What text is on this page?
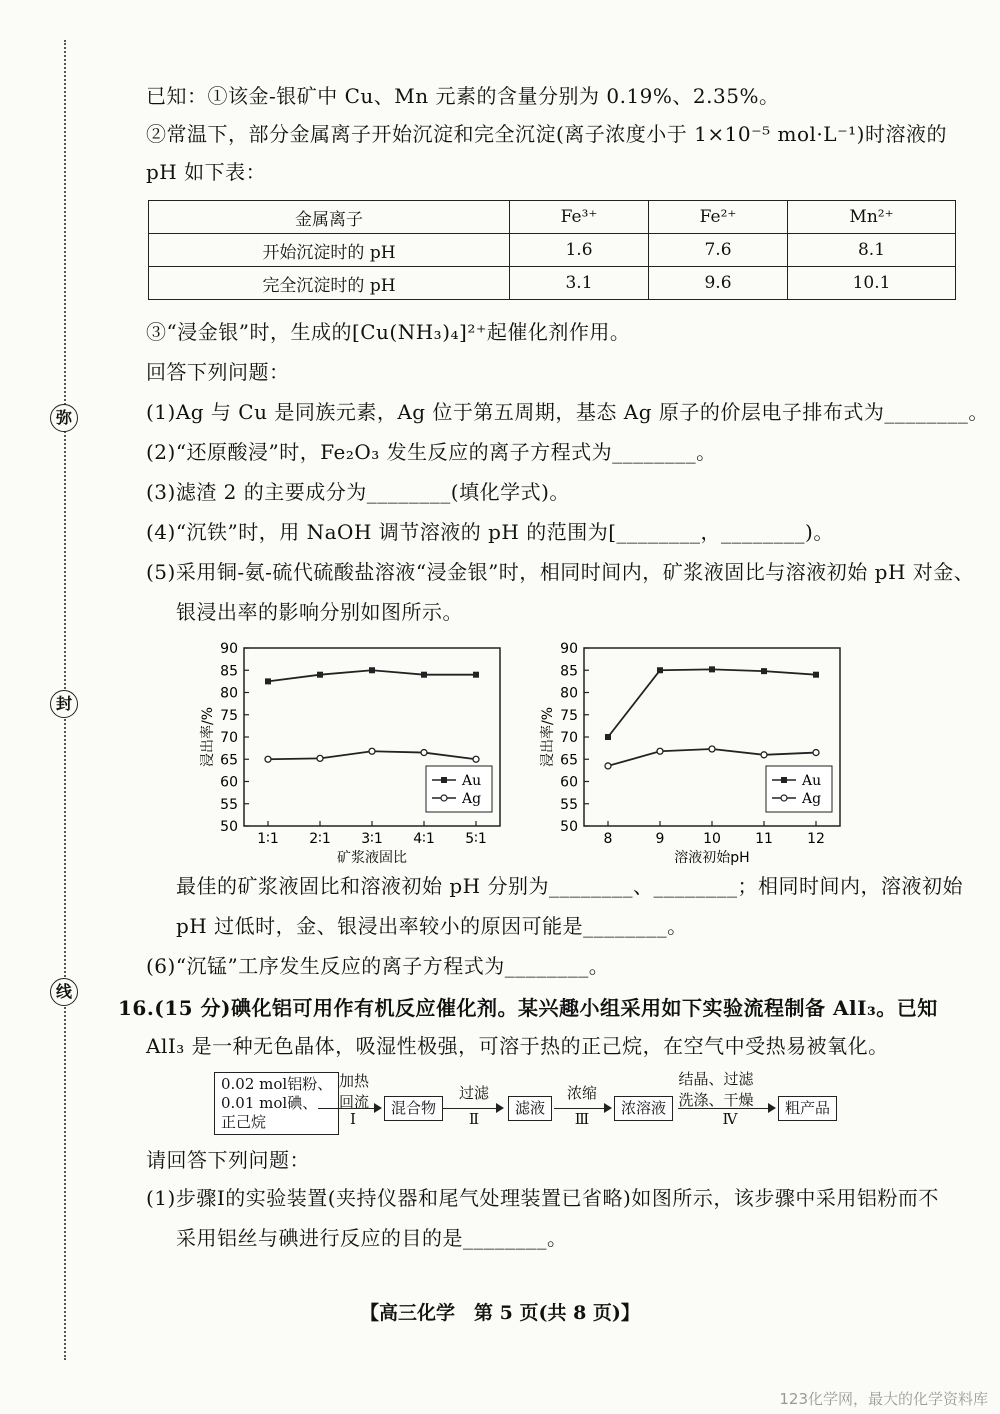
弥
封
线
已知：①该金-银矿中 Cu、Mn 元素的含量分别为 0.19%、2.35%。
②常温下，部分金属离子开始沉淀和完全沉淀(离子浓度小于 1×10⁻⁵ mol·L⁻¹)时溶液的
pH 如下表：
金属离子	Fe³⁺	Fe²⁺	Mn²⁺
开始沉淀时的 pH	1.6	7.6	8.1
完全沉淀时的 pH	3.1	9.6	10.1
③“浸金银”时，生成的[Cu(NH₃)₄]²⁺起催化剂作用。
回答下列问题：
(1)Ag 与 Cu 是同族元素，Ag 位于第五周期，基态 Ag 原子的价层电子排布式为________。
(2)“还原酸浸”时，Fe₂O₃ 发生反应的离子方程式为________。
(3)滤渣 2 的主要成分为________(填化学式)。
(4)“沉铁”时，用 NaOH 调节溶液的 pH 的范围为[________，________)。
(5)采用铜-氨-硫代硫酸盐溶液“浸金银”时，相同时间内，矿浆液固比与溶液初始 pH 对金、
银浸出率的影响分别如图所示。
50
55
60
65
70
75
80
85
90
1∶1 2∶1 3∶1 4∶1 5∶1
矿浆液固比
浸出率/%
Au
Ag
50
55
60
65
70
75
80
85
90
8	9	10 11 12
溶液初始pH
浸出率/%
Au
Ag
最佳的矿浆液固比和溶液初始 pH 分别为________、________；相同时间内，溶液初始
pH 过低时，金、银浸出率较小的原因可能是________。
(6)“沉锰”工序发生反应的离子方程式为________。
16.(15 分)碘化铝可用作有机反应催化剂。某兴趣小组采用如下实验流程制备 AlI₃。已知
AlI₃ 是一种无色晶体，吸湿性极强，可溶于热的正己烷，在空气中受热易被氧化。
0.02 mol铝粉、
0.01 mol碘、
正己烷
加热
回流
Ⅰ
混合物
过滤
Ⅱ
滤液
浓缩
Ⅲ
浓溶液
结晶、过滤
洗涤、干燥
Ⅳ
粗产品
请回答下列问题：
(1)步骤Ⅰ的实验装置(夹持仪器和尾气处理装置已省略)如图所示，该步骤中采用铝粉而不
采用铝丝与碘进行反应的目的是________。
【高三化学　第 5 页(共 8 页)】
123化学网，最大的化学资料库
